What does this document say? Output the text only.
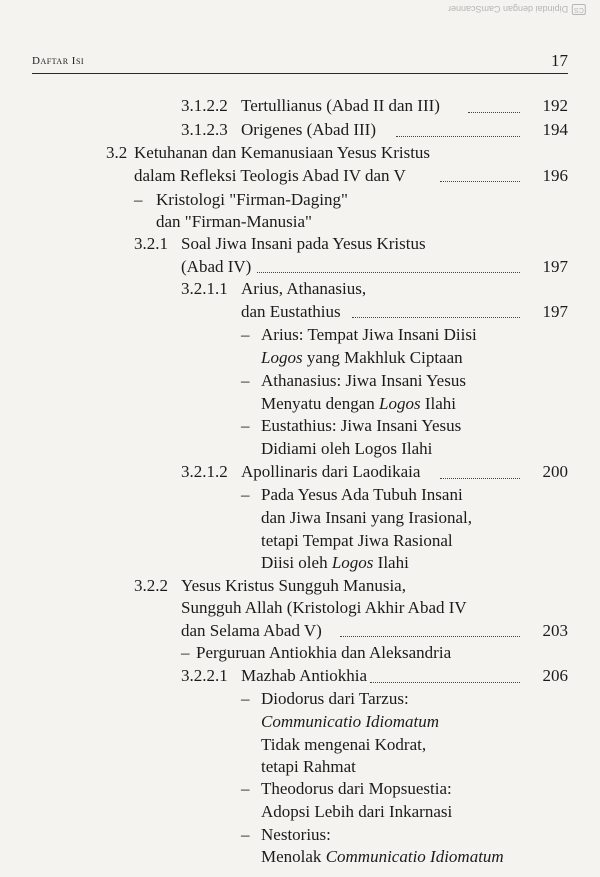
CS
Dipindai dengan CamScanner
Daftar Isi	17
3.1.2.2 Tertullianus (Abad II dan III)	192
3.1.2.3 Origenes (Abad III)	194
3.2 Ketuhanan dan Kemanusiaan Yesus Kristus
dalam Refleksi Teologis Abad IV dan V	196
– Kristologi "Firman-Daging"
dan "Firman-Manusia"
3.2.1 Soal Jiwa Insani pada Yesus Kristus
(Abad IV)	197
3.2.1.1 Arius, Athanasius,
dan Eustathius	197
– Arius: Tempat Jiwa Insani Diisi
Logos yang Makhluk Ciptaan
– Athanasius: Jiwa Insani Yesus
Menyatu dengan Logos Ilahi
– Eustathius: Jiwa Insani Yesus
Didiami oleh Logos Ilahi
3.2.1.2 Apollinaris dari Laodikaia	200
– Pada Yesus Ada Tubuh Insani
dan Jiwa Insani yang Irasional,
tetapi Tempat Jiwa Rasional
Diisi oleh Logos Ilahi
3.2.2 Yesus Kristus Sungguh Manusia,
Sungguh Allah (Kristologi Akhir Abad IV
dan Selama Abad V)	203
– Perguruan Antiokhia dan Aleksandria
3.2.2.1 Mazhab Antiokhia	206
– Diodorus dari Tarzus:
Communicatio Idiomatum
Tidak mengenai Kodrat,
tetapi Rahmat
– Theodorus dari Mopsuestia:
Adopsi Lebih dari Inkarnasi
– Nestorius:
Menolak Communicatio Idiomatum
